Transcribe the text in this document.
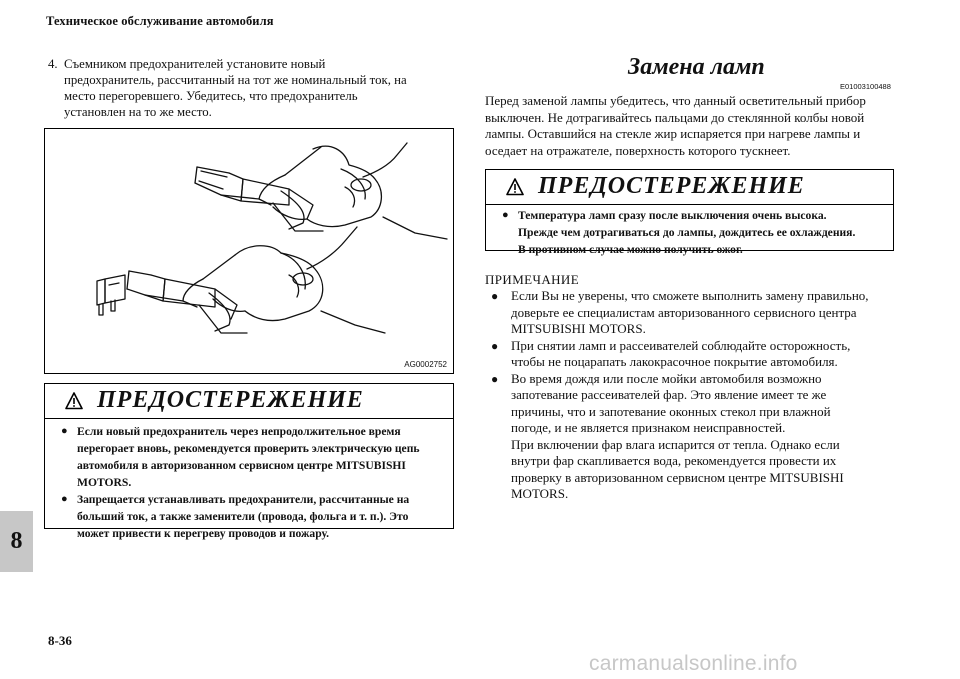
Техническое обслуживание автомобиля
4. Съемником предохранителей установите новый
предохранитель, рассчитанный на тот же номинальный ток, на
место перегоревшего. Убедитесь, что предохранитель
установлен на то же место.
AG0002752
ПРЕДОСТЕРЕЖЕНИЕ
● Если новый предохранитель через непродолжительное время
перегорает вновь, рекомендуется проверить электрическую цепь
автомобиля в авторизованном сервисном центре MITSUBISHI
MOTORS.
● Запрещается устанавливать предохранители, рассчитанные на
больший ток, а также заменители (провода, фольга и т. п.). Это
может привести к перегреву проводов и пожару.
Замена ламп
E01003100488
Перед заменой лампы убедитесь, что данный осветительный прибор
выключен. Не дотрагивайтесь пальцами до стеклянной колбы новой
лампы. Оставшийся на стекле жир испаряется при нагреве лампы и
оседает на отражателе, поверхность которого тускнеет.
ПРЕДОСТЕРЕЖЕНИЕ
● Температура ламп сразу после выключения очень высока.
Прежде чем дотрагиваться до лампы, дождитесь ее охлаждения.
В противном случае можно получить ожог.
ПРИМЕЧАНИЕ
● Если Вы не уверены, что сможете выполнить замену правильно,
доверьте ее специалистам авторизованного сервисного центра
MITSUBISHI MOTORS.
● При снятии ламп и рассеивателей соблюдайте осторожность,
чтобы не поцарапать лакокрасочное покрытие автомобиля.
● Во время дождя или после мойки автомобиля возможно
запотевание рассеивателей фар. Это явление имеет те же
причины, что и запотевание оконных стекол при влажной
погоде, и не является признаком неисправностей.
При включении фар влага испарится от тепла. Однако если
внутри фар скапливается вода, рекомендуется провести их
проверку в авторизованном сервисном центре MITSUBISHI
MOTORS.
8
8-36
carmanualsonline.info
